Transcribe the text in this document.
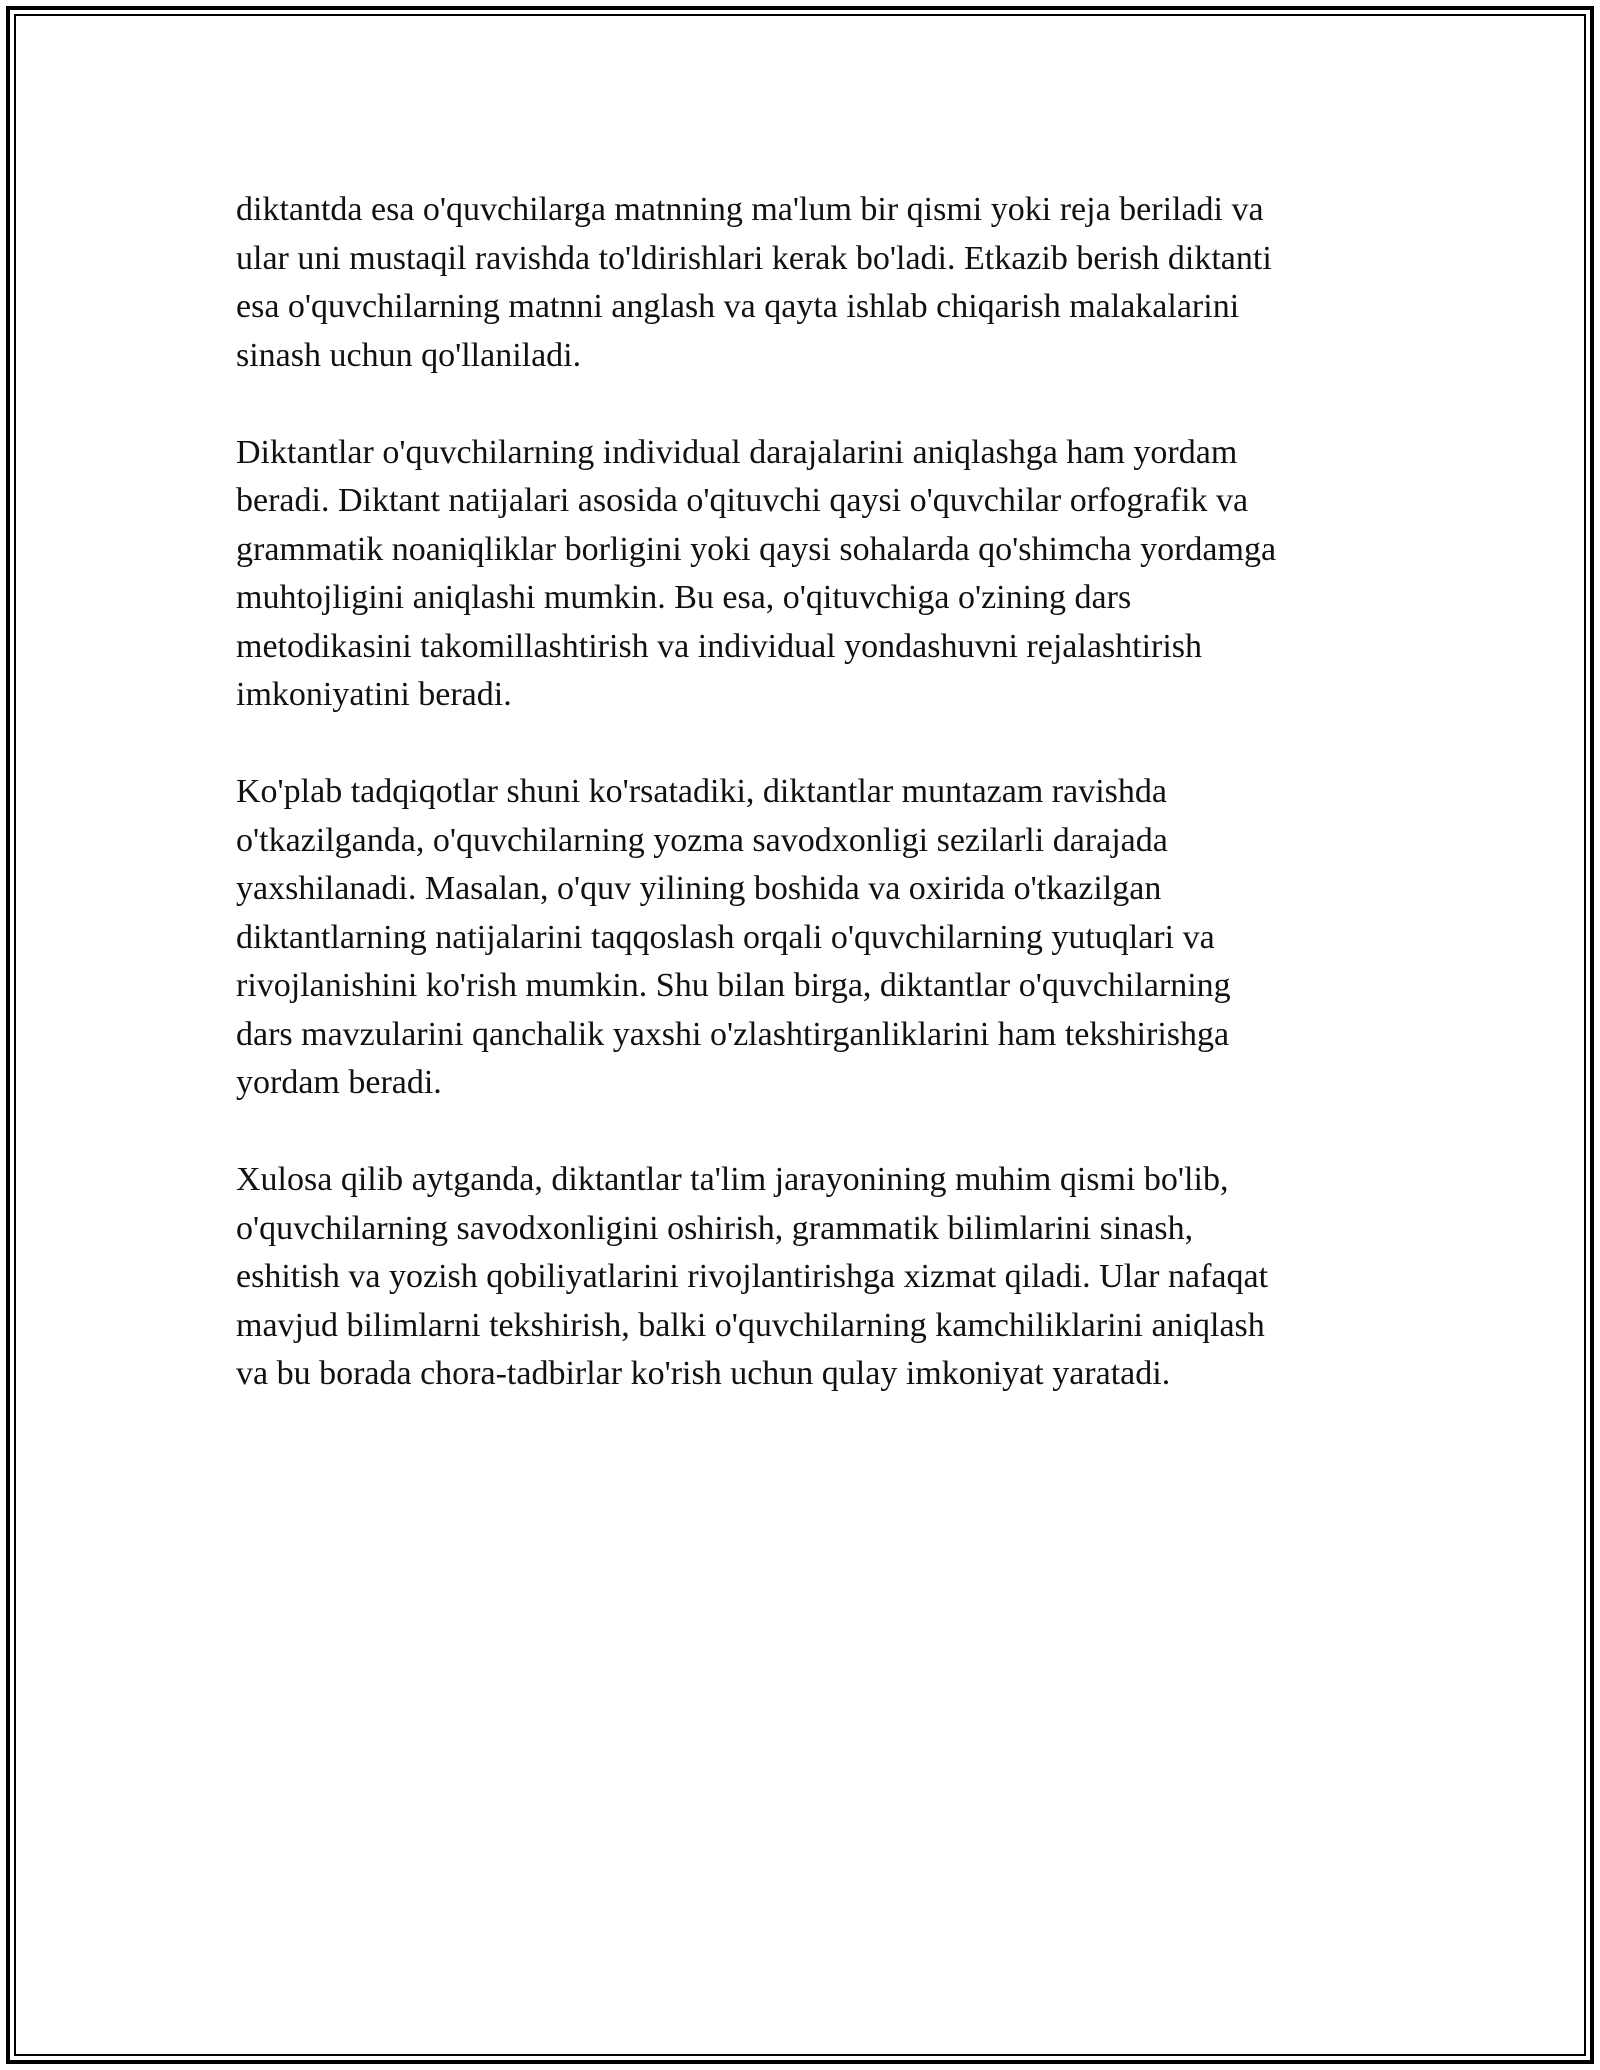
diktantda esa o'quvchilarga matnning ma'lum bir qismi yoki reja beriladi va
ular uni mustaqil ravishda to'ldirishlari kerak bo'ladi. Etkazib berish diktanti
esa o'quvchilarning matnni anglash va qayta ishlab chiqarish malakalarini
sinash uchun qo'llaniladi.

Diktantlar o'quvchilarning individual darajalarini aniqlashga ham yordam
beradi. Diktant natijalari asosida o'qituvchi qaysi o'quvchilar orfografik va
grammatik noaniqliklar borligini yoki qaysi sohalarda qo'shimcha yordamga
muhtojligini aniqlashi mumkin. Bu esa, o'qituvchiga o'zining dars
metodikasini takomillashtirish va individual yondashuvni rejalashtirish
imkoniyatini beradi.

Ko'plab tadqiqotlar shuni ko'rsatadiki, diktantlar muntazam ravishda
o'tkazilganda, o'quvchilarning yozma savodxonligi sezilarli darajada
yaxshilanadi. Masalan, o'quv yilining boshida va oxirida o'tkazilgan
diktantlarning natijalarini taqqoslash orqali o'quvchilarning yutuqlari va
rivojlanishini ko'rish mumkin. Shu bilan birga, diktantlar o'quvchilarning
dars mavzularini qanchalik yaxshi o'zlashtirganliklarini ham tekshirishga
yordam beradi.

Xulosa qilib aytganda, diktantlar ta'lim jarayonining muhim qismi bo'lib,
o'quvchilarning savodxonligini oshirish, grammatik bilimlarini sinash,
eshitish va yozish qobiliyatlarini rivojlantirishga xizmat qiladi. Ular nafaqat
mavjud bilimlarni tekshirish, balki o'quvchilarning kamchiliklarini aniqlash
va bu borada chora-tadbirlar ko'rish uchun qulay imkoniyat yaratadi.
